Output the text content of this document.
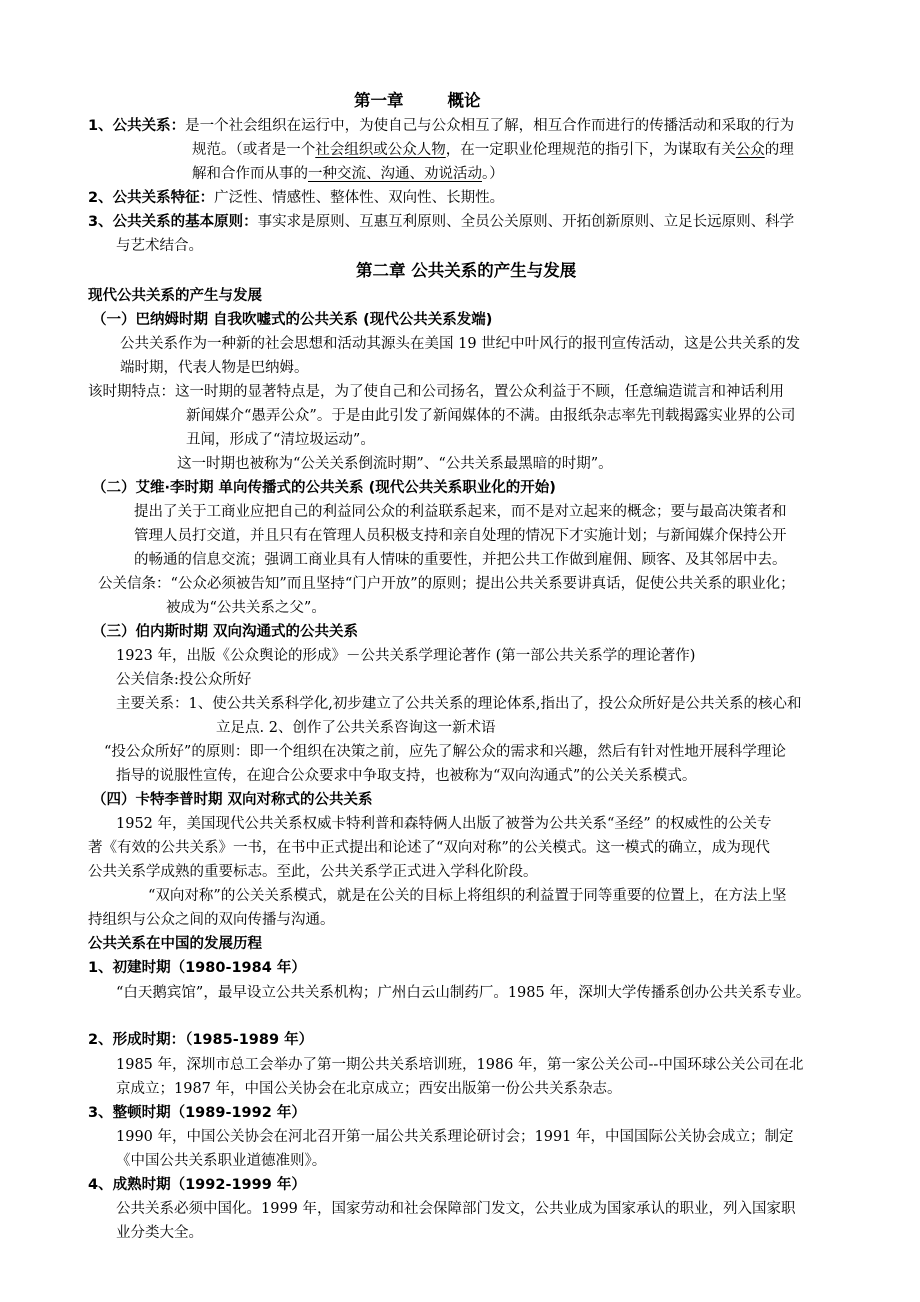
第一章	概论
1、公共关系：是一个社会组织在运行中，为使自己与公众相互了解，相互合作而进行的传播活动和采取的行为
规范。（或者是一个社会组织或公众人物，在一定职业伦理规范的指引下，为谋取有关公众的理
解和合作而从事的一种交流、沟通、劝说活动。）
2、公共关系特征：广泛性、情感性、整体性、双向性、长期性。
3、公共关系的基本原则：事实求是原则、互惠互利原则、全员公关原则、开拓创新原则、立足长远原则、科学
与艺术结合。
第二章 公共关系的产生与发展
现代公共关系的产生与发展
（一）巴纳姆时期 自我吹嘘式的公共关系 (现代公共关系发端)
公共关系作为一种新的社会思想和活动其源头在美国 19 世纪中叶风行的报刊宣传活动，这是公共关系的发
端时期，代表人物是巴纳姆。
该时期特点：这一时期的显著特点是，为了使自己和公司扬名，置公众利益于不顾，任意编造谎言和神话利用
新闻媒介“愚弄公众”。于是由此引发了新闻媒体的不满。由报纸杂志率先刊载揭露实业界的公司
丑闻，形成了“清垃圾运动”。
这一时期也被称为“公关关系倒流时期”、“公共关系最黑暗的时期”。
（二）艾维·李时期 单向传播式的公共关系 (现代公共关系职业化的开始)
提出了关于工商业应把自己的利益同公众的利益联系起来，而不是对立起来的概念；要与最高决策者和
管理人员打交道，并且只有在管理人员积极支持和亲自处理的情况下才实施计划；与新闻媒介保持公开
的畅通的信息交流；强调工商业具有人情味的重要性，并把公共工作做到雇佣、顾客、及其邻居中去。
公关信条：“公众必须被告知”而且坚持“门户开放”的原则；提出公共关系要讲真话，促使公共关系的职业化；
被成为“公共关系之父”。
（三）伯内斯时期 双向沟通式的公共关系
1923 年，出版《公众舆论的形成》－公共关系学理论著作 (第一部公共关系学的理论著作)
公关信条:投公众所好
主要关系：1、使公共关系科学化,初步建立了公共关系的理论体系,指出了，投公众所好是公共关系的核心和
立足点. 2、创作了公共关系咨询这一新术语
“投公众所好”的原则：即一个组织在决策之前，应先了解公众的需求和兴趣，然后有针对性地开展科学理论
指导的说服性宣传，在迎合公众要求中争取支持，也被称为“双向沟通式”的公关关系模式。
（四）卡特李普时期 双向对称式的公共关系
1952 年，美国现代公共关系权威卡特利普和森特俩人出版了被誉为公共关系“圣经” 的权威性的公关专
著《有效的公共关系》一书，在书中正式提出和论述了“双向对称”的公关模式。这一模式的确立，成为现代
公共关系学成熟的重要标志。至此，公共关系学正式进入学科化阶段。
“双向对称”的公关关系模式，就是在公关的目标上将组织的利益置于同等重要的位置上，在方法上坚
持组织与公众之间的双向传播与沟通。
公共关系在中国的发展历程
1、初建时期（1980-1984 年）
“白天鹅宾馆”，最早设立公共关系机构；广州白云山制药厂。1985 年，深圳大学传播系创办公共关系专业。
2、形成时期：（1985-1989 年）
1985 年，深圳市总工会举办了第一期公共关系培训班，1986 年，第一家公关公司--中国环球公关公司在北
京成立；1987 年，中国公关协会在北京成立；西安出版第一份公共关系杂志。
3、整顿时期（1989-1992 年）
1990 年，中国公关协会在河北召开第一届公共关系理论研讨会；1991 年，中国国际公关协会成立；制定
《中国公共关系职业道德准则》。
4、成熟时期（1992-1999 年）
公共关系必须中国化。1999 年，国家劳动和社会保障部门发文，公共业成为国家承认的职业，列入国家职
业分类大全。
